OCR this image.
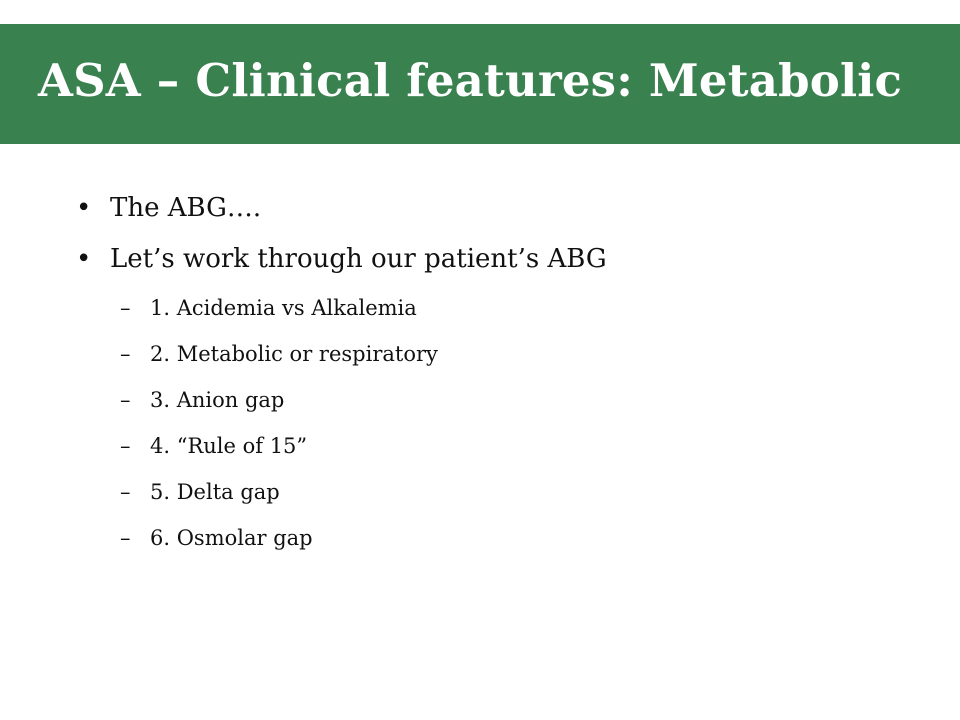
ASA – Clinical features: Metabolic
• The ABG….
• Let’s work through our patient’s ABG
– 1. Acidemia vs Alkalemia
– 2. Metabolic or respiratory
– 3. Anion gap
– 4. “Rule of 15”
– 5. Delta gap
– 6. Osmolar gap
